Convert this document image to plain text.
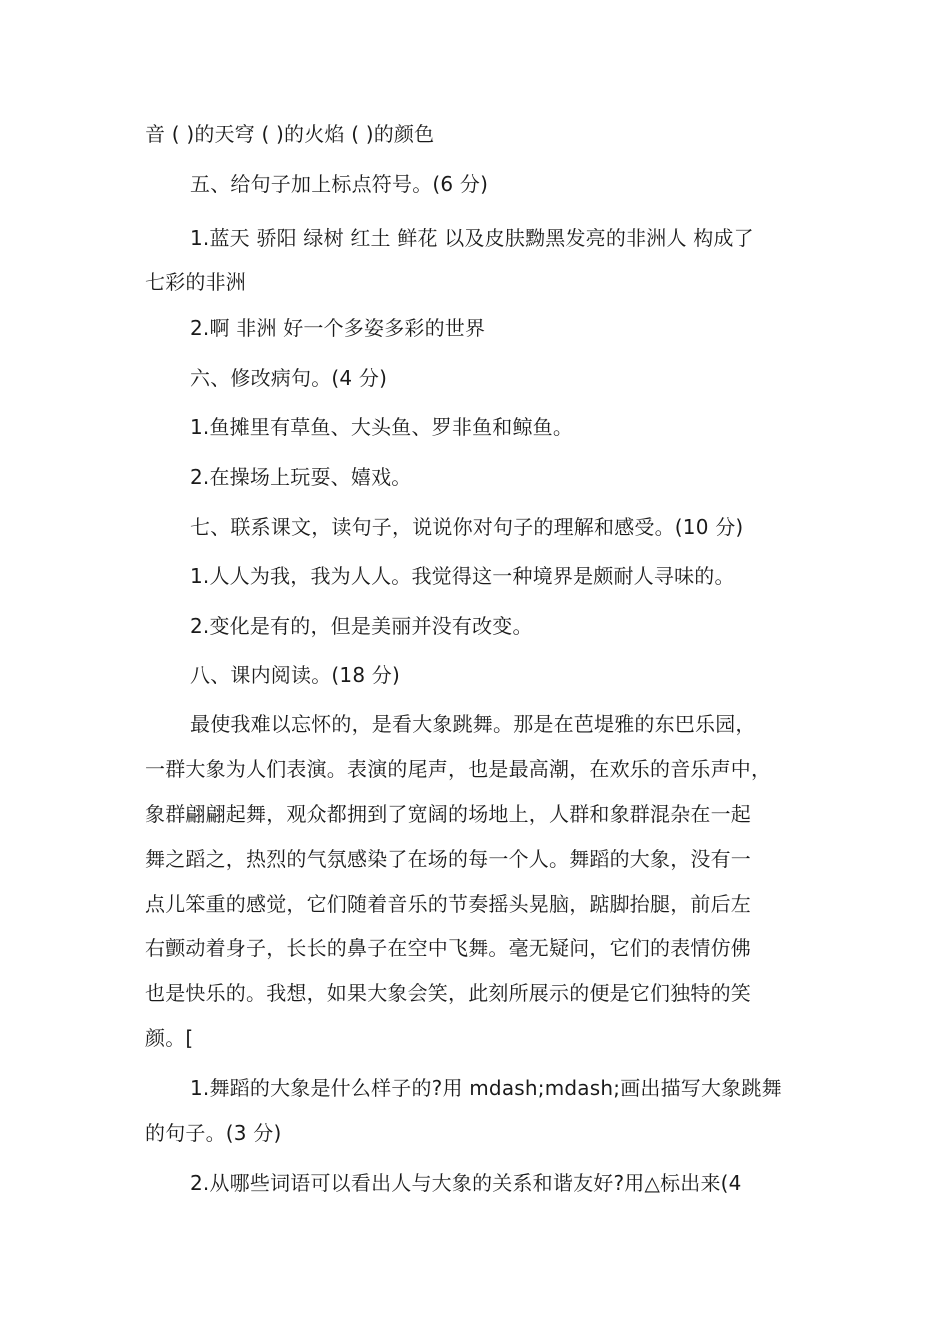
音 ( )的天穹 ( )的火焰 ( )的颜色
五、给句子加上标点符号。(6 分)
1.蓝天 骄阳 绿树 红土 鲜花 以及皮肤黝黑发亮的非洲人 构成了
七彩的非洲
2.啊 非洲 好一个多姿多彩的世界
六、修改病句。(4 分)
1.鱼摊里有草鱼、大头鱼、罗非鱼和鲸鱼。
2.在操场上玩耍、嬉戏。
七、联系课文，读句子，说说你对句子的理解和感受。(10 分)
1.人人为我，我为人人。我觉得这一种境界是颇耐人寻味的。
2.变化是有的，但是美丽并没有改变。
八、课内阅读。(18 分)
最使我难以忘怀的，是看大象跳舞。那是在芭堤雅的东巴乐园，
一群大象为人们表演。表演的尾声，也是最高潮，在欢乐的音乐声中，
象群翩翩起舞，观众都拥到了宽阔的场地上，人群和象群混杂在一起
舞之蹈之，热烈的气氛感染了在场的每一个人。舞蹈的大象，没有一
点儿笨重的感觉，它们随着音乐的节奏摇头晃脑，踮脚抬腿，前后左
右颤动着身子，长长的鼻子在空中飞舞。毫无疑问，它们的表情仿佛
也是快乐的。我想，如果大象会笑，此刻所展示的便是它们独特的笑
颜。[
1.舞蹈的大象是什么样子的?用 mdash;mdash;画出描写大象跳舞
的句子。(3 分)
2.从哪些词语可以看出人与大象的关系和谐友好?用△标出来(4
